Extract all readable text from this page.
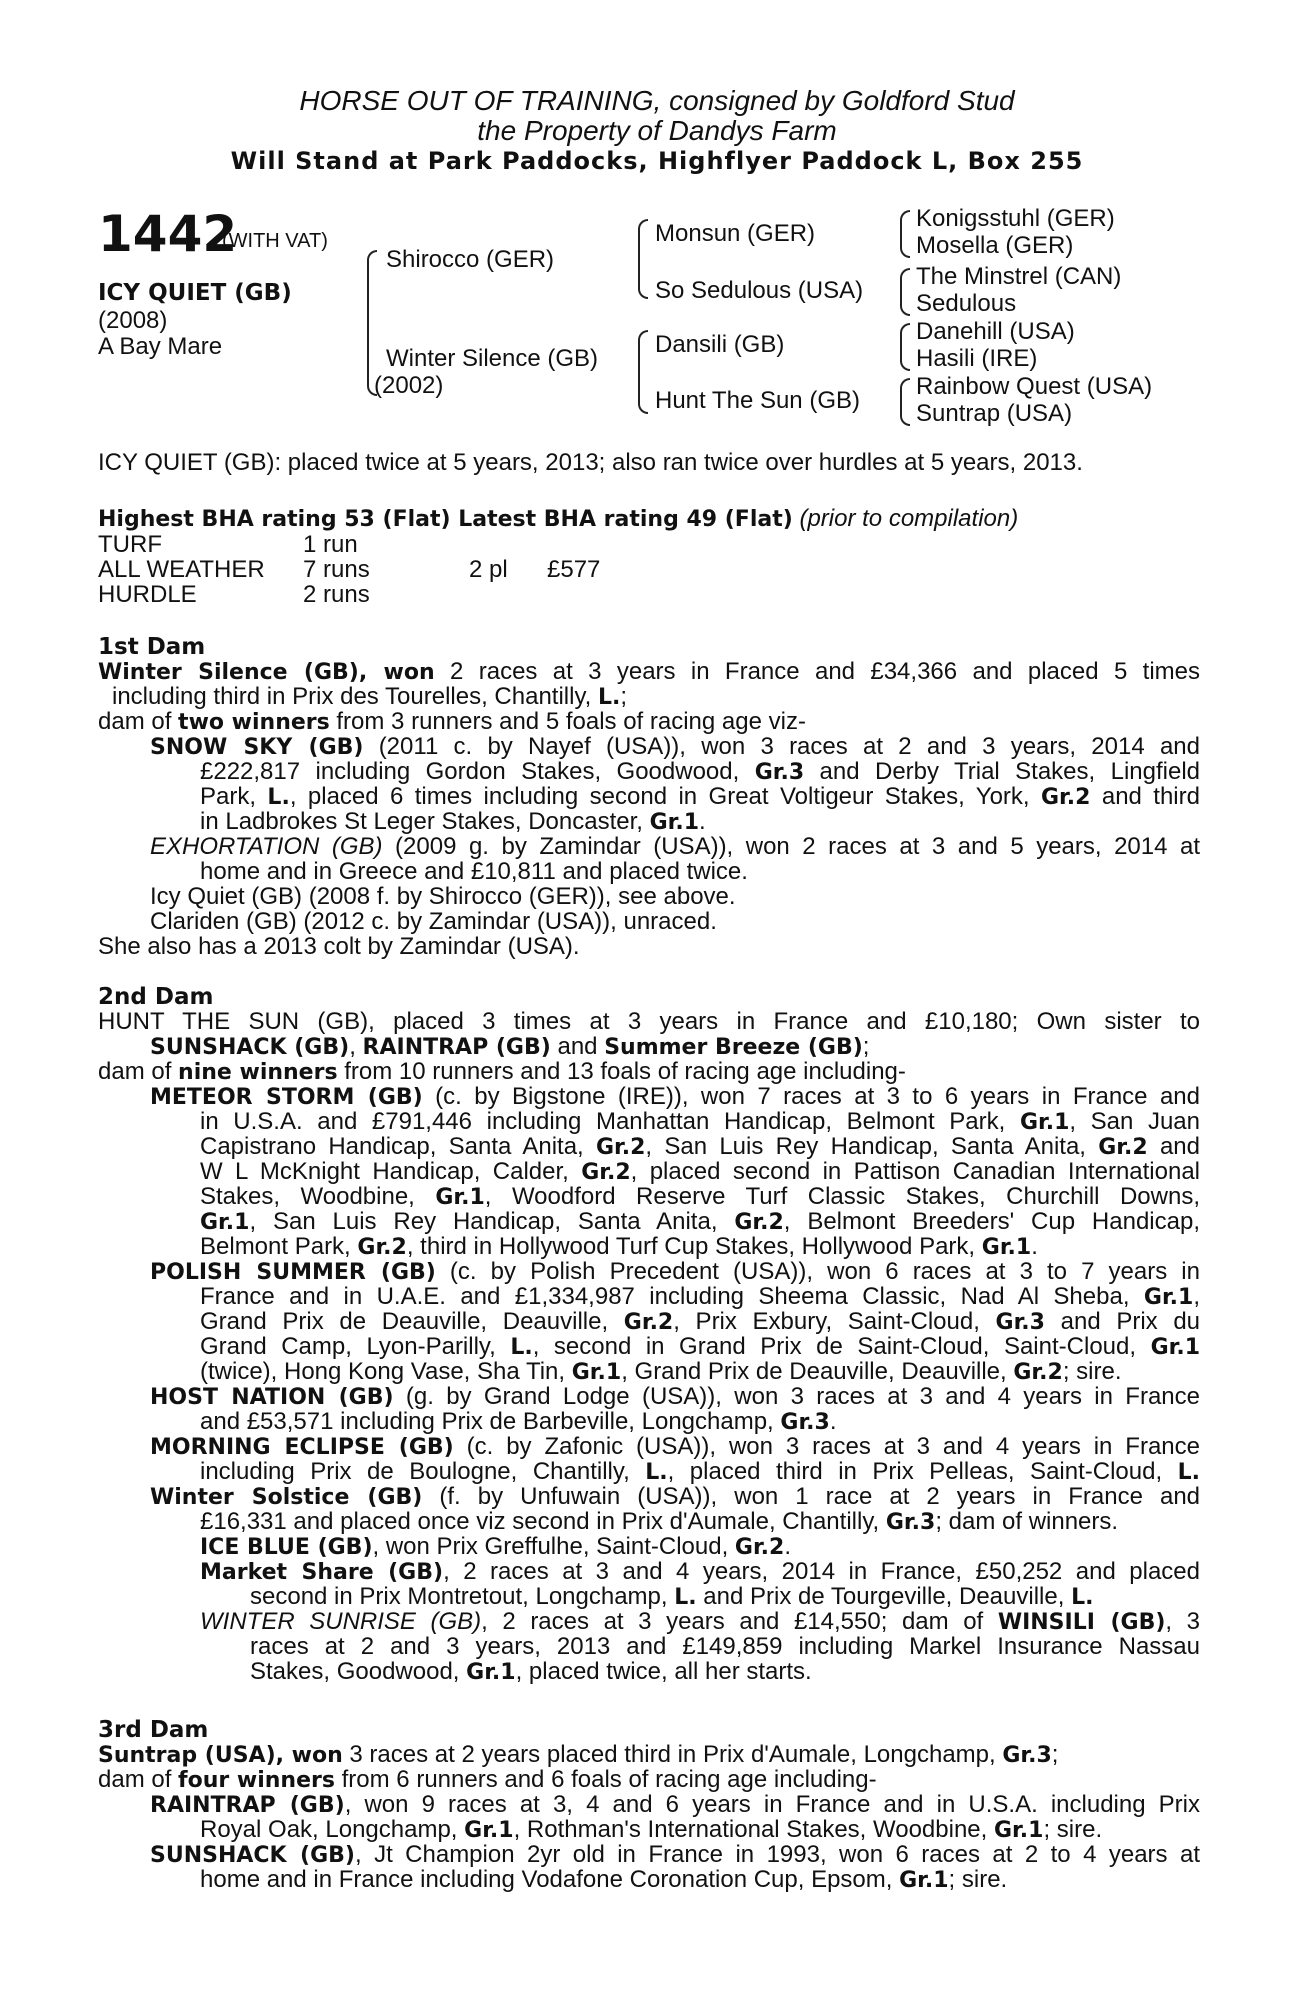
HORSE OUT OF TRAINING, consigned by Goldford Stud
the Property of Dandys Farm
Will Stand at Park Paddocks, Highflyer Paddock L, Box 255
1442
(WITH VAT)
ICY QUIET (GB)
(2008)
A Bay Mare
Shirocco (GER)
Winter Silence (GB)
(2002)
Monsun (GER)
So Sedulous (USA)
Dansili (GB)
Hunt The Sun (GB)
Konigsstuhl (GER)
Mosella (GER)
The Minstrel (CAN)
Sedulous
Danehill (USA)
Hasili (IRE)
Rainbow Quest (USA)
Suntrap (USA)
ICY QUIET (GB): placed twice at 5 years, 2013; also ran twice over hurdles at 5 years, 2013.
Highest BHA rating 53 (Flat) Latest BHA rating 49 (Flat) (prior to compilation)
TURF	1 run
ALL WEATHER 7 runs	2 pl £577
HURDLE	2 runs
1st Dam
Winter Silence (GB), won 2 races at 3 years in France and £34,366 and placed 5 times
including third in Prix des Tourelles, Chantilly, L.;
dam of two winners from 3 runners and 5 foals of racing age viz-
SNOW SKY (GB) (2011 c. by Nayef (USA)), won 3 races at 2 and 3 years, 2014 and
£222,817 including Gordon Stakes, Goodwood, Gr.3 and Derby Trial Stakes, Lingfield
Park, L., placed 6 times including second in Great Voltigeur Stakes, York, Gr.2 and third
in Ladbrokes St Leger Stakes, Doncaster, Gr.1.
EXHORTATION (GB) (2009 g. by Zamindar (USA)), won 2 races at 3 and 5 years, 2014 at
home and in Greece and £10,811 and placed twice.
Icy Quiet (GB) (2008 f. by Shirocco (GER)), see above.
Clariden (GB) (2012 c. by Zamindar (USA)), unraced.
She also has a 2013 colt by Zamindar (USA).
2nd Dam
HUNT THE SUN (GB), placed 3 times at 3 years in France and £10,180; Own sister to
SUNSHACK (GB), RAINTRAP (GB) and Summer Breeze (GB);
dam of nine winners from 10 runners and 13 foals of racing age including-
METEOR STORM (GB) (c. by Bigstone (IRE)), won 7 races at 3 to 6 years in France and
in U.S.A. and £791,446 including Manhattan Handicap, Belmont Park, Gr.1, San Juan
Capistrano Handicap, Santa Anita, Gr.2, San Luis Rey Handicap, Santa Anita, Gr.2 and
W L McKnight Handicap, Calder, Gr.2, placed second in Pattison Canadian International
Stakes, Woodbine, Gr.1, Woodford Reserve Turf Classic Stakes, Churchill Downs,
Gr.1, San Luis Rey Handicap, Santa Anita, Gr.2, Belmont Breeders' Cup Handicap,
Belmont Park, Gr.2, third in Hollywood Turf Cup Stakes, Hollywood Park, Gr.1.
POLISH SUMMER (GB) (c. by Polish Precedent (USA)), won 6 races at 3 to 7 years in
France and in U.A.E. and £1,334,987 including Sheema Classic, Nad Al Sheba, Gr.1,
Grand Prix de Deauville, Deauville, Gr.2, Prix Exbury, Saint-Cloud, Gr.3 and Prix du
Grand Camp, Lyon-Parilly, L., second in Grand Prix de Saint-Cloud, Saint-Cloud, Gr.1
(twice), Hong Kong Vase, Sha Tin, Gr.1, Grand Prix de Deauville, Deauville, Gr.2; sire.
HOST NATION (GB) (g. by Grand Lodge (USA)), won 3 races at 3 and 4 years in France
and £53,571 including Prix de Barbeville, Longchamp, Gr.3.
MORNING ECLIPSE (GB) (c. by Zafonic (USA)), won 3 races at 3 and 4 years in France
including Prix de Boulogne, Chantilly, L., placed third in Prix Pelleas, Saint-Cloud, L.
Winter Solstice (GB) (f. by Unfuwain (USA)), won 1 race at 2 years in France and
£16,331 and placed once viz second in Prix d'Aumale, Chantilly, Gr.3; dam of winners.
ICE BLUE (GB), won Prix Greffulhe, Saint-Cloud, Gr.2.
Market Share (GB), 2 races at 3 and 4 years, 2014 in France, £50,252 and placed
second in Prix Montretout, Longchamp, L. and Prix de Tourgeville, Deauville, L.
WINTER SUNRISE (GB), 2 races at 3 years and £14,550; dam of WINSILI (GB), 3
races at 2 and 3 years, 2013 and £149,859 including Markel Insurance Nassau
Stakes, Goodwood, Gr.1, placed twice, all her starts.
3rd Dam
Suntrap (USA), won 3 races at 2 years placed third in Prix d'Aumale, Longchamp, Gr.3;
dam of four winners from 6 runners and 6 foals of racing age including-
RAINTRAP (GB), won 9 races at 3, 4 and 6 years in France and in U.S.A. including Prix
Royal Oak, Longchamp, Gr.1, Rothman's International Stakes, Woodbine, Gr.1; sire.
SUNSHACK (GB), Jt Champion 2yr old in France in 1993, won 6 races at 2 to 4 years at
home and in France including Vodafone Coronation Cup, Epsom, Gr.1; sire.
